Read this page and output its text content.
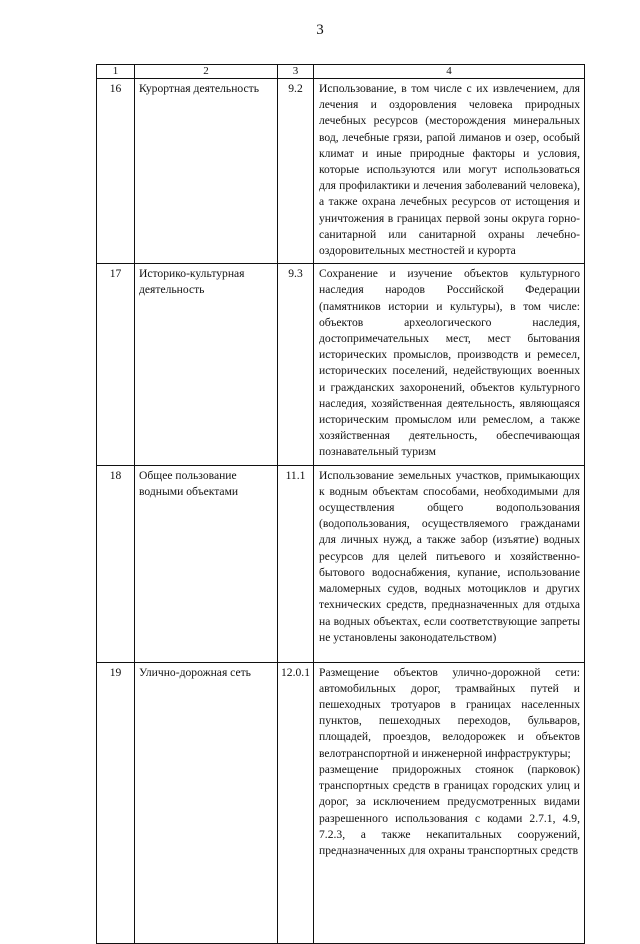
3
1	2	3	4
16	Курортная деятельность	9.2	Использование, в том числе с их извлечением, для лечения и оздоровления человека природных лечебных ресурсов (месторождения минеральных вод, лечебные грязи, рапой лиманов и озер, особый климат и иные природные факторы и условия, которые используются или могут использоваться для профилактики и лечения заболеваний человека), а также охрана лечебных ресурсов от истощения и уничтожения в границах первой зоны округа горно-санитарной или санитарной охраны лечебно-оздоровительных местностей и курорта
17	Историко-культурная деятельность	9.3	Сохранение и изучение объектов культурного наследия народов Российской Федерации (памятников истории и культуры), в том числе: объектов археологического наследия, достопримечательных мест, мест бытования исторических промыслов, производств и ремесел, исторических поселений, недействующих военных и гражданских захоронений, объектов культурного наследия, хозяйственная деятельность, являющаяся историческим промыслом или ремеслом, а также хозяйственная деятельность, обеспечивающая познавательный туризм
18	Общее пользование водными объектами	11.1	Использование земельных участков, примыкающих к водным объектам способами, необходимыми для осуществления общего водопользования (водопользования, осуществляемого гражданами для личных нужд, а также забор (изъятие) водных ресурсов для целей питьевого и хозяйственно-бытового водоснабжения, купание, использование маломерных судов, водных мотоциклов и других технических средств, предназначенных для отдыха на водных объектах, если соответствующие запреты не установлены законодательством)
19	Улично-дорожная сеть	12.0.1	Размещение объектов улично-дорожной сети: автомобильных дорог, трамвайных путей и пешеходных тротуаров в границах населенных пунктов, пешеходных переходов, бульваров, площадей, проездов, велодорожек и объектов велотранспортной и инженерной инфраструктуры;
размещение придорожных стоянок (парковок) транспортных средств в границах городских улиц и дорог, за исключением предусмотренных видами разрешенного использования с кодами 2.7.1, 4.9, 7.2.3, а также некапитальных сооружений, предназначенных для охраны транспортных средств
